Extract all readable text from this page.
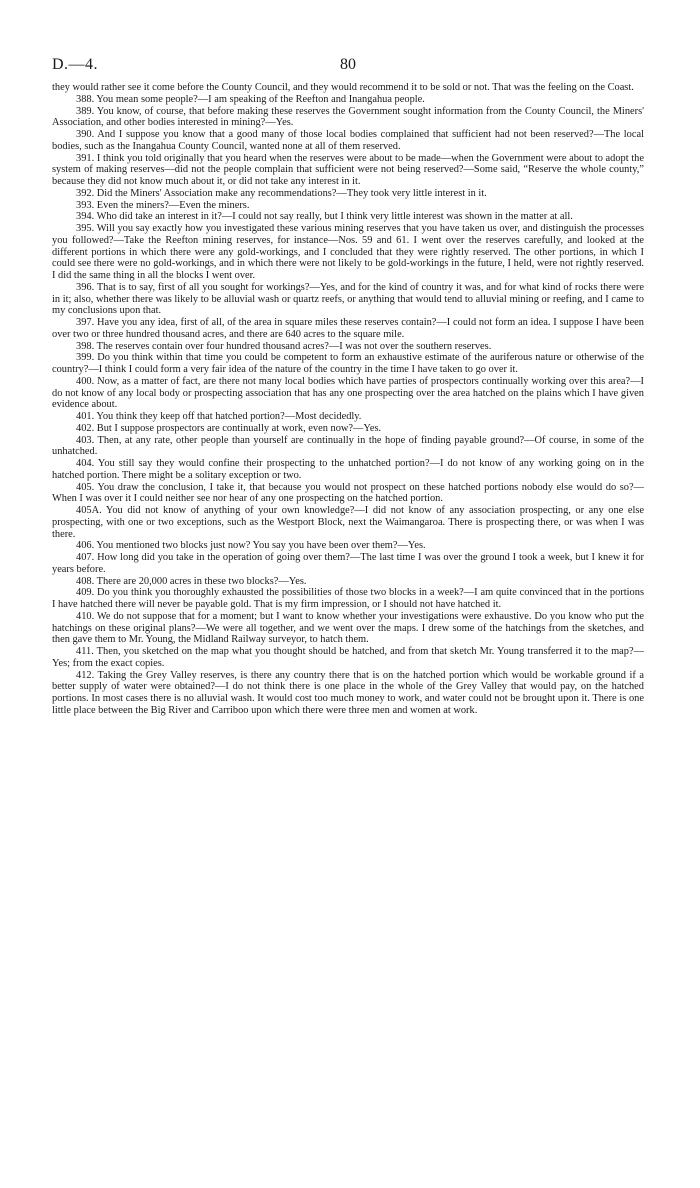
D.—4.	80

they would rather see it come before the County Council, and they would recommend it to be sold or not. That was the feeling on the Coast.

388. You mean some people?—I am speaking of the Reefton and Inangahua people.

389. You know, of course, that before making these reserves the Government sought information from the County Council, the Miners' Association, and other bodies interested in mining?—Yes.

390. And I suppose you know that a good many of those local bodies complained that sufficient had not been reserved?—The local bodies, such as the Inangahua County Council, wanted none at all of them reserved.

391. I think you told originally that you heard when the reserves were about to be made—when the Government were about to adopt the system of making reserves—did not the people complain that sufficient were not being reserved?—Some said, “Reserve the whole county,” because they did not know much about it, or did not take any interest in it.

392. Did the Miners' Association make any recommendations?—They took very little interest in it.

393. Even the miners?—Even the miners.

394. Who did take an interest in it?—I could not say really, but I think very little interest was shown in the matter at all.

395. Will you say exactly how you investigated these various mining reserves that you have taken us over, and distinguish the processes you followed?—Take the Reefton mining reserves, for instance—Nos. 59 and 61. I went over the reserves carefully, and looked at the different portions in which there were any gold-workings, and I concluded that they were rightly reserved. The other portions, in which I could see there were no gold-workings, and in which there were not likely to be gold-workings in the future, I held, were not rightly reserved. I did the same thing in all the blocks I went over.

396. That is to say, first of all you sought for workings?—Yes, and for the kind of country it was, and for what kind of rocks there were in it; also, whether there was likely to be alluvial wash or quartz reefs, or anything that would tend to alluvial mining or reefing, and I came to my conclusions upon that.

397. Have you any idea, first of all, of the area in square miles these reserves contain?—I could not form an idea. I suppose I have been over two or three hundred thousand acres, and there are 640 acres to the square mile.

398. The reserves contain over four hundred thousand acres?—I was not over the southern reserves.

399. Do you think within that time you could be competent to form an exhaustive estimate of the auriferous nature or otherwise of the country?—I think I could form a very fair idea of the nature of the country in the time I have taken to go over it.

400. Now, as a matter of fact, are there not many local bodies which have parties of prospectors continually working over this area?—I do not know of any local body or prospecting association that has any one prospecting over the area hatched on the plains which I have given evidence about.

401. You think they keep off that hatched portion?—Most decidedly.

402. But I suppose prospectors are continually at work, even now?—Yes.

403. Then, at any rate, other people than yourself are continually in the hope of finding payable ground?—Of course, in some of the unhatched.

404. You still say they would confine their prospecting to the unhatched portion?—I do not know of any working going on in the hatched portion. There might be a solitary exception or two.

405. You draw the conclusion, I take it, that because you would not prospect on these hatched portions nobody else would do so?—When I was over it I could neither see nor hear of any one prospecting on the hatched portion.

405A. You did not know of anything of your own knowledge?—I did not know of any association prospecting, or any one else prospecting, with one or two exceptions, such as the Westport Block, next the Waimangaroa. There is prospecting there, or was when I was there.

406. You mentioned two blocks just now? You say you have been over them?—Yes.

407. How long did you take in the operation of going over them?—The last time I was over the ground I took a week, but I knew it for years before.

408. There are 20,000 acres in these two blocks?—Yes.

409. Do you think you thoroughly exhausted the possibilities of those two blocks in a week?—I am quite convinced that in the portions I have hatched there will never be payable gold. That is my firm impression, or I should not have hatched it.

410. We do not suppose that for a moment; but I want to know whether your investigations were exhaustive. Do you know who put the hatchings on these original plans?—We were all together, and we went over the maps. I drew some of the hatchings from the sketches, and then gave them to Mr. Young, the Midland Railway surveyor, to hatch them.

411. Then, you sketched on the map what you thought should be hatched, and from that sketch Mr. Young transferred it to the map?—Yes; from the exact copies.

412. Taking the Grey Valley reserves, is there any country there that is on the hatched portion which would be workable ground if a better supply of water were obtained?—I do not think there is one place in the whole of the Grey Valley that would pay, on the hatched portions. In most cases there is no alluvial wash. It would cost too much money to work, and water could not be brought upon it. There is one little place between the Big River and Carriboo upon which there were three men and women at work.
